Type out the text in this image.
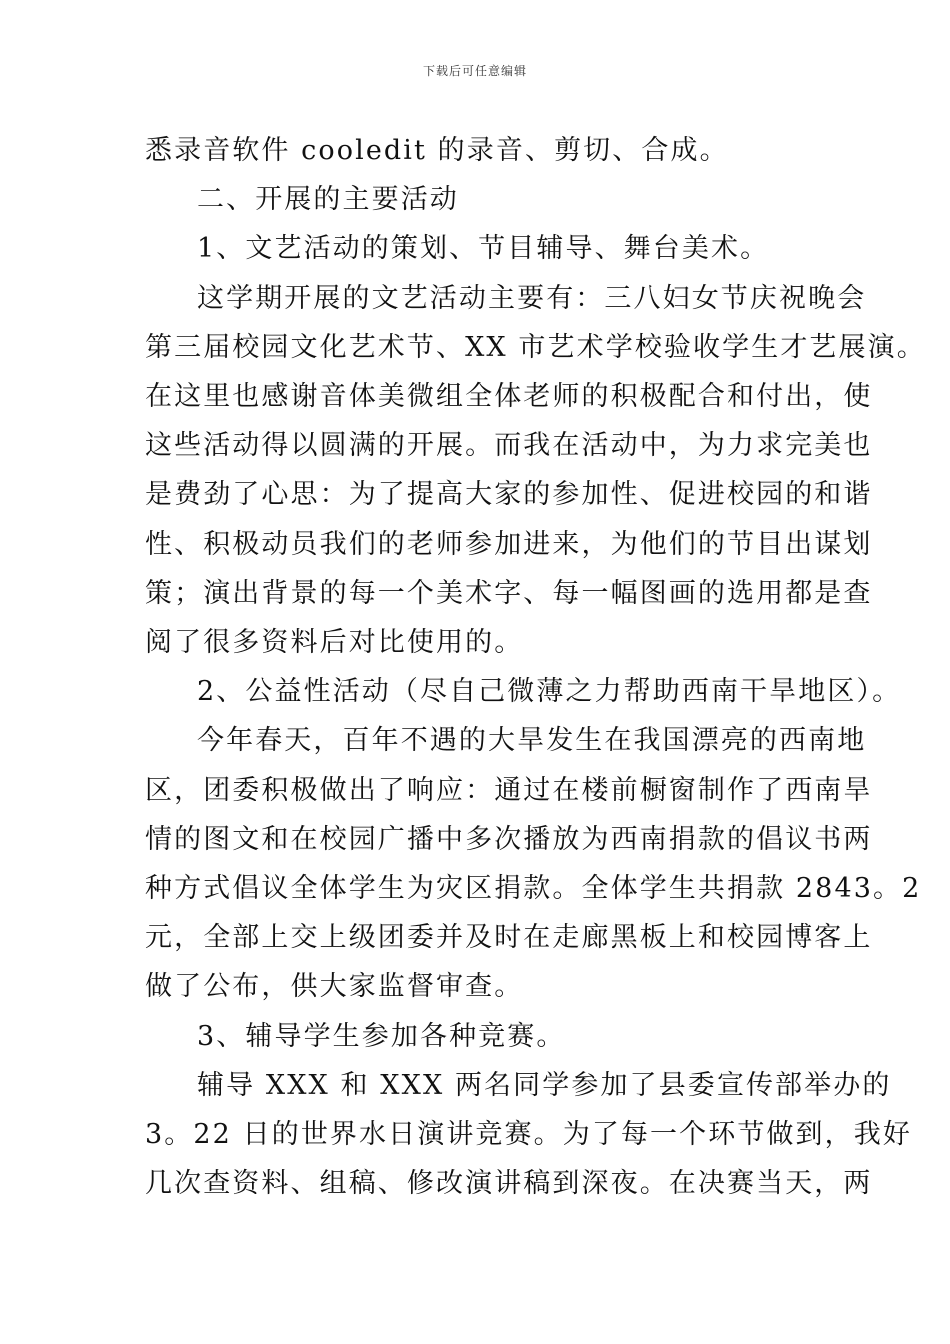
下载后可任意编辑

悉录音软件 cooledit 的录音、剪切、合成。

二、开展的主要活动

1、文艺活动的策划、节目辅导、舞台美术。

这学期开展的文艺活动主要有：三八妇女节庆祝晚会

第三届校园文化艺术节、XX 市艺术学校验收学生才艺展演。

在这里也感谢音体美微组全体老师的积极配合和付出，使

这些活动得以圆满的开展。而我在活动中，为力求完美也

是费劲了心思：为了提高大家的参加性、促进校园的和谐

性、积极动员我们的老师参加进来，为他们的节目出谋划

策；演出背景的每一个美术字、每一幅图画的选用都是查

阅了很多资料后对比使用的。

2、公益性活动（尽自己微薄之力帮助西南干旱地区）。

今年春天，百年不遇的大旱发生在我国漂亮的西南地

区，团委积极做出了响应：通过在楼前橱窗制作了西南旱

情的图文和在校园广播中多次播放为西南捐款的倡议书两

种方式倡议全体学生为灾区捐款。全体学生共捐款 2843。2

元，全部上交上级团委并及时在走廊黑板上和校园博客上

做了公布，供大家监督审查。

3、辅导学生参加各种竞赛。

辅导 XXX 和 XXX 两名同学参加了县委宣传部举办的

3。22 日的世界水日演讲竞赛。为了每一个环节做到，我好

几次查资料、组稿、修改演讲稿到深夜。在决赛当天，两
